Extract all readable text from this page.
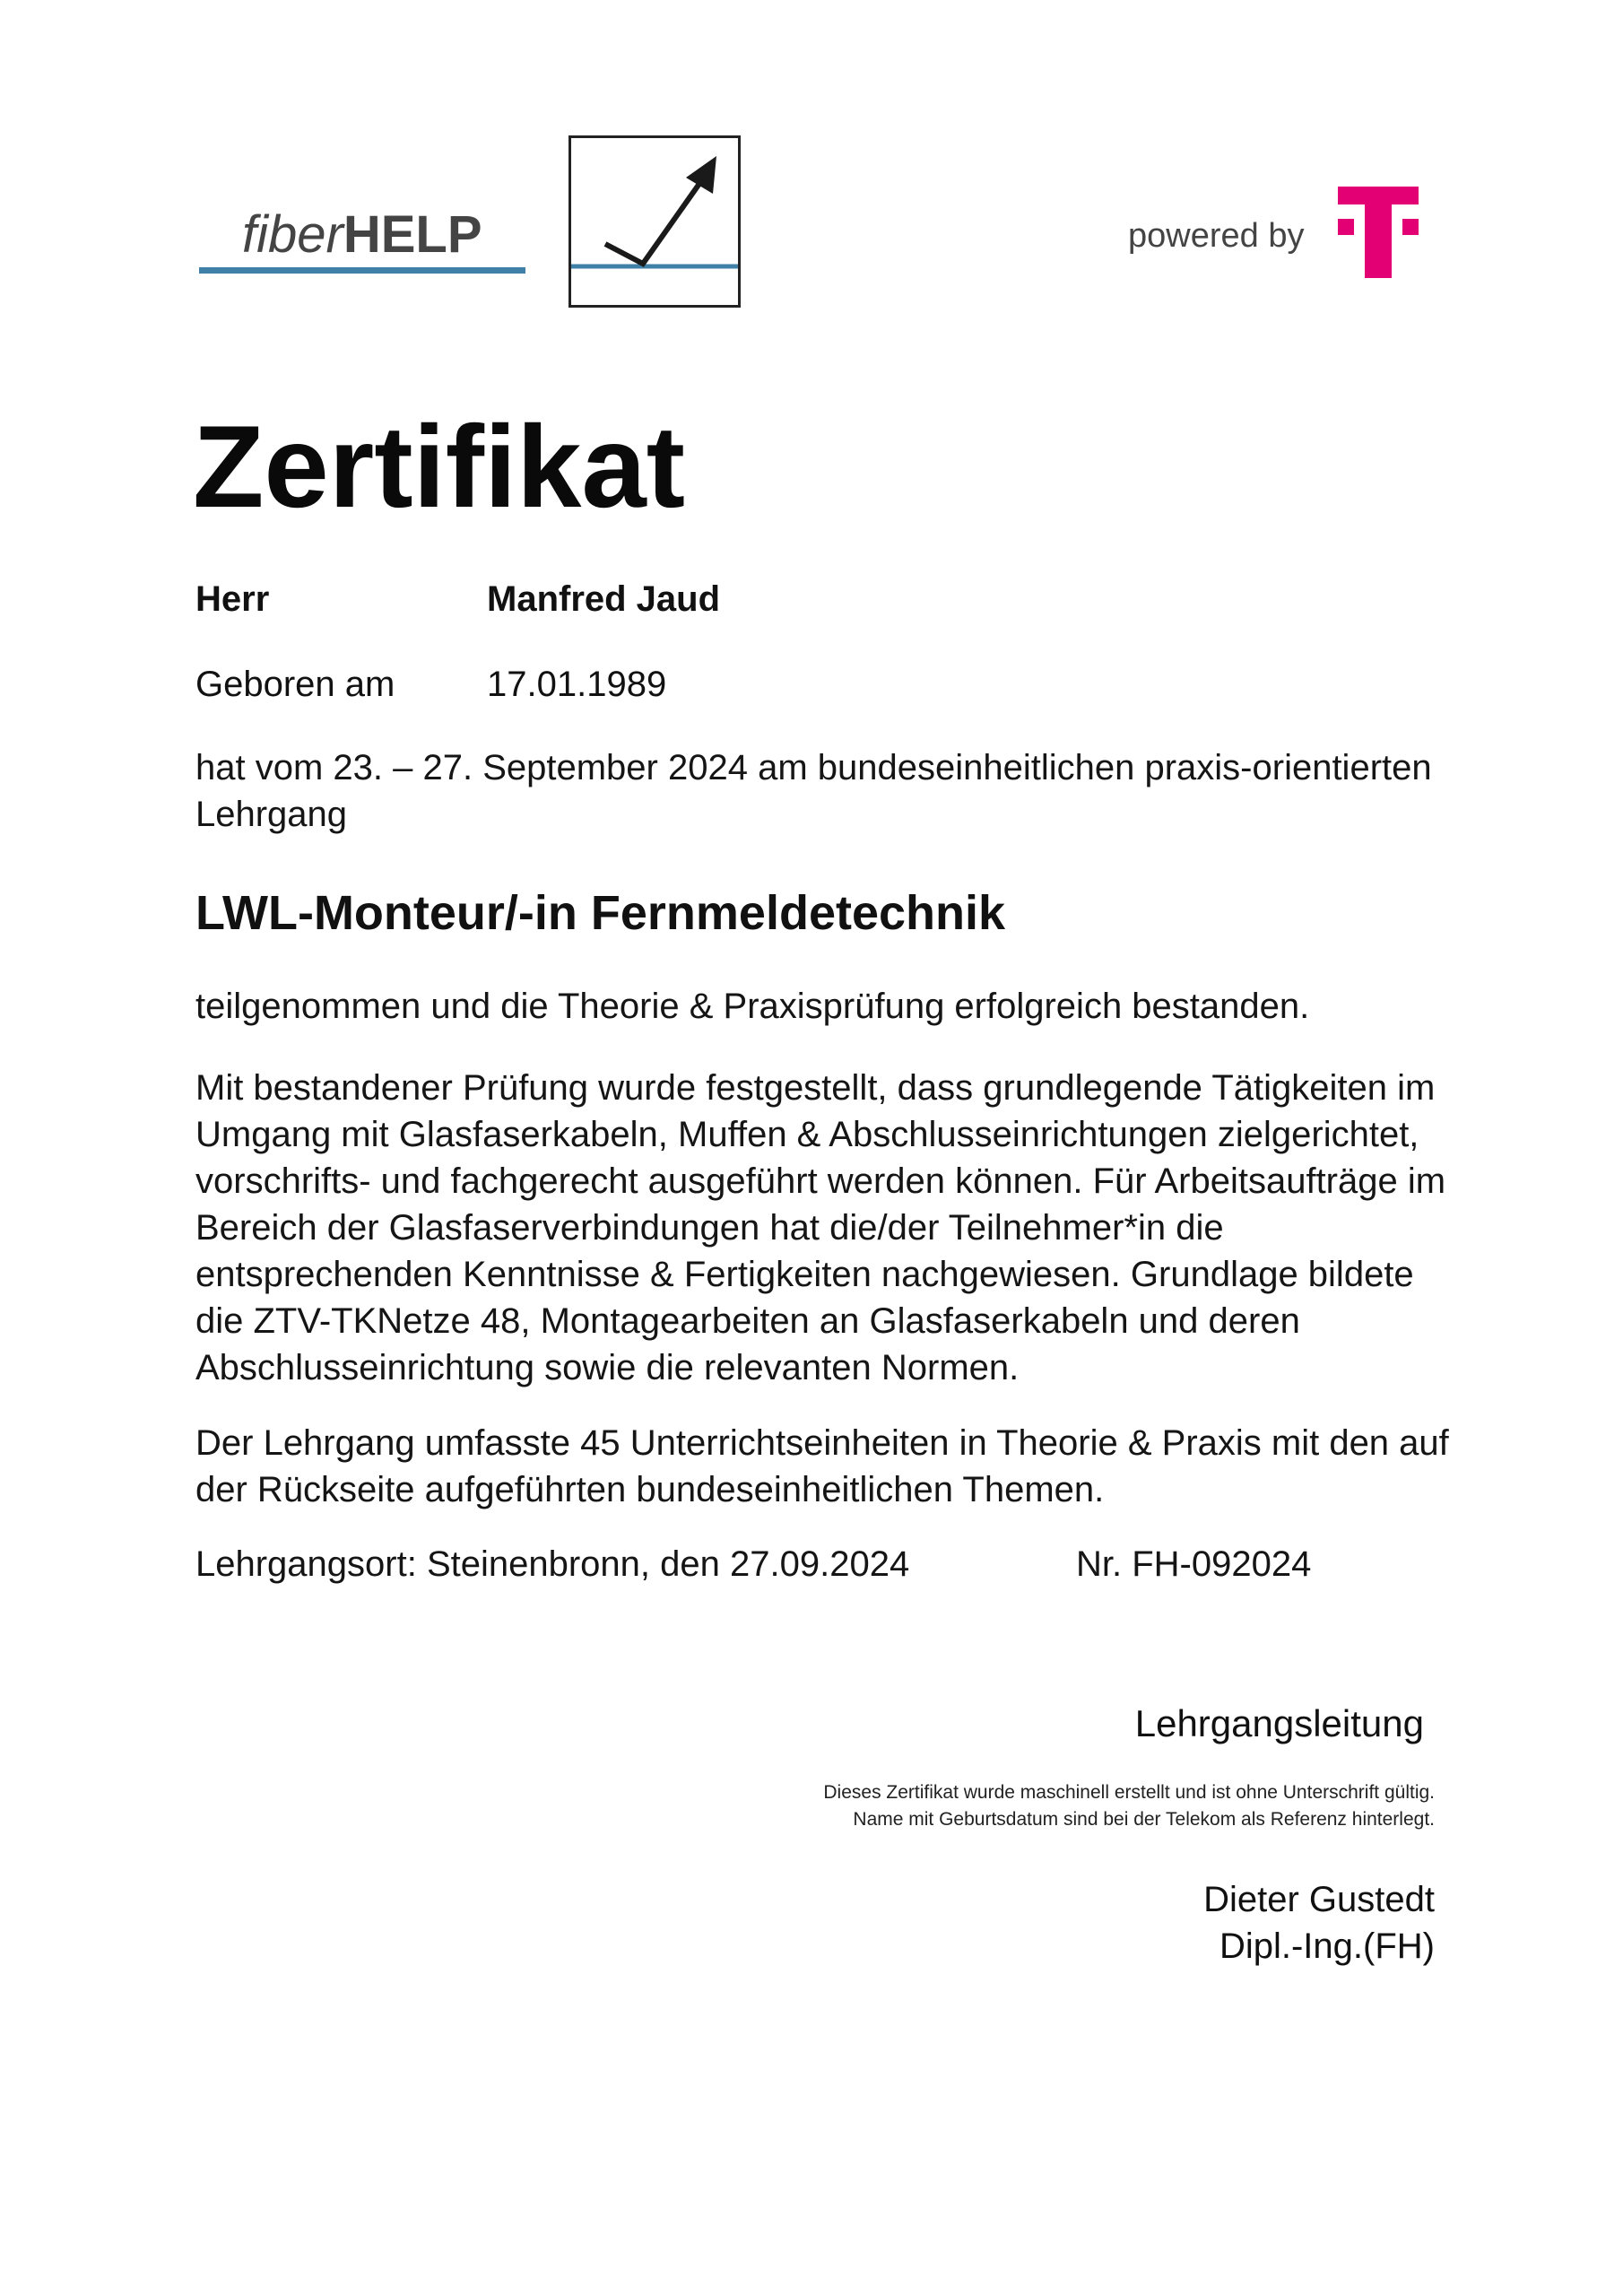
fiberHELP	powered by
Zertifikat
Herr	Manfred Jaud
Geboren am	17.01.1989
hat vom 23. – 27. September 2024 am bundeseinheitlichen praxis-orientierten
Lehrgang
LWL-Monteur/-in Fernmeldetechnik
teilgenommen und die Theorie & Praxisprüfung erfolgreich bestanden.
Mit bestandener Prüfung wurde festgestellt, dass grundlegende Tätigkeiten im
Umgang mit Glasfaserkabeln, Muffen & Abschlusseinrichtungen zielgerichtet,
vorschrifts- und fachgerecht ausgeführt werden können. Für Arbeitsaufträge im
Bereich der Glasfaserverbindungen hat die/der Teilnehmer*in die
entsprechenden Kenntnisse & Fertigkeiten nachgewiesen. Grundlage bildete
die ZTV-TKNetze 48, Montagearbeiten an Glasfaserkabeln und deren
Abschlusseinrichtung sowie die relevanten Normen.
Der Lehrgang umfasste 45 Unterrichtseinheiten in Theorie & Praxis mit den auf
der Rückseite aufgeführten bundeseinheitlichen Themen.
Lehrgangsort: Steinenbronn, den 27.09.2024	Nr. FH-092024
Lehrgangsleitung
Dieses Zertifikat wurde maschinell erstellt und ist ohne Unterschrift gültig.
Name mit Geburtsdatum sind bei der Telekom als Referenz hinterlegt.
Dieter Gustedt
Dipl.-Ing.(FH)
